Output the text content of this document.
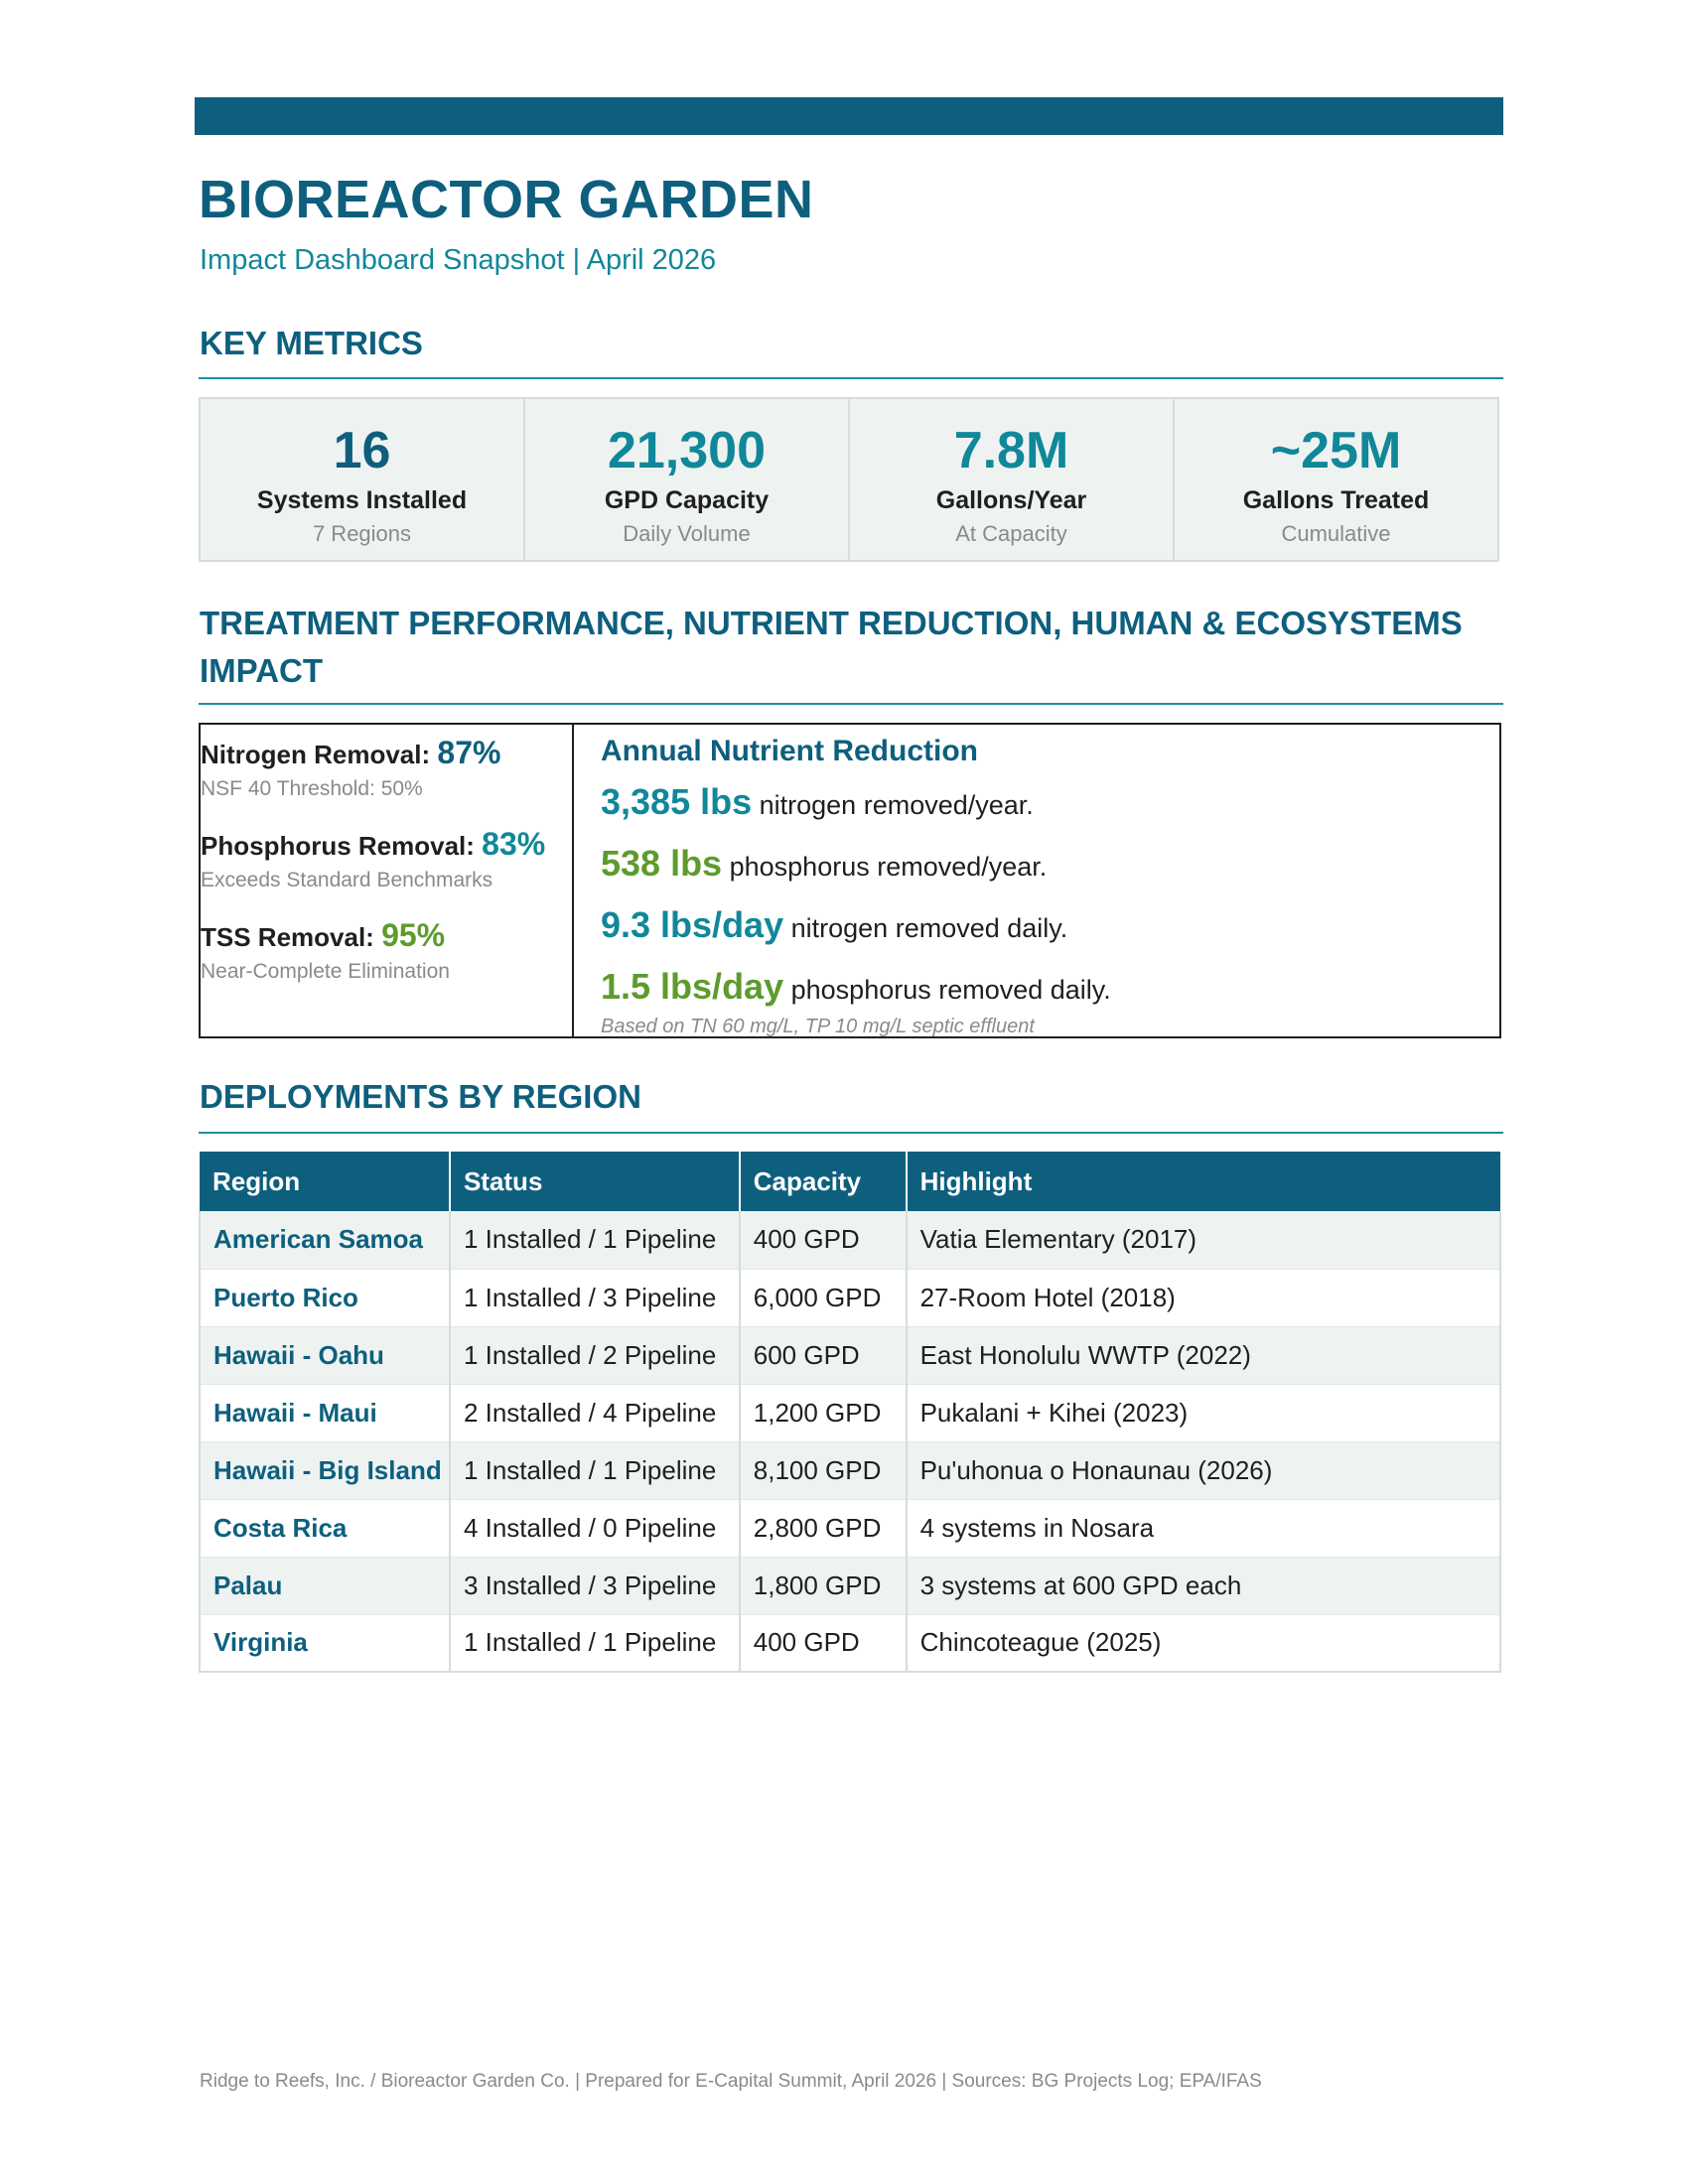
BIOREACTOR GARDEN
Impact Dashboard Snapshot | April 2026
KEY METRICS
16
Systems Installed
7 Regions
21,300
GPD Capacity
Daily Volume
7.8M
Gallons/Year
At Capacity
~25M
Gallons Treated
Cumulative
TREATMENT PERFORMANCE, NUTRIENT REDUCTION, HUMAN & ECOSYSTEMS IMPACT
Nitrogen Removal: 87%
NSF 40 Threshold: 50%
Phosphorus Removal: 83%
Exceeds Standard Benchmarks
TSS Removal: 95%
Near-Complete Elimination
Annual Nutrient Reduction
3,385 lbs nitrogen removed/year.
538 lbs phosphorus removed/year.
9.3 lbs/day nitrogen removed daily.
1.5 lbs/day phosphorus removed daily.
Based on TN 60 mg/L, TP 10 mg/L septic effluent
DEPLOYMENTS BY REGION
Region	Status	Capacity	Highlight
American Samoa	1 Installed / 1 Pipeline	400 GPD	Vatia Elementary (2017)
Puerto Rico	1 Installed / 3 Pipeline	6,000 GPD	27-Room Hotel (2018)
Hawaii - Oahu	1 Installed / 2 Pipeline	600 GPD	East Honolulu WWTP (2022)
Hawaii - Maui	2 Installed / 4 Pipeline	1,200 GPD	Pukalani + Kihei (2023)
Hawaii - Big Island	1 Installed / 1 Pipeline	8,100 GPD	Pu'uhonua o Honaunau (2026)
Costa Rica	4 Installed / 0 Pipeline	2,800 GPD	4 systems in Nosara
Palau	3 Installed / 3 Pipeline	1,800 GPD	3 systems at 600 GPD each
Virginia	1 Installed / 1 Pipeline	400 GPD	Chincoteague (2025)
Ridge to Reefs, Inc. / Bioreactor Garden Co. | Prepared for E-Capital Summit, April 2026 | Sources: BG Projects Log; EPA/IFAS
